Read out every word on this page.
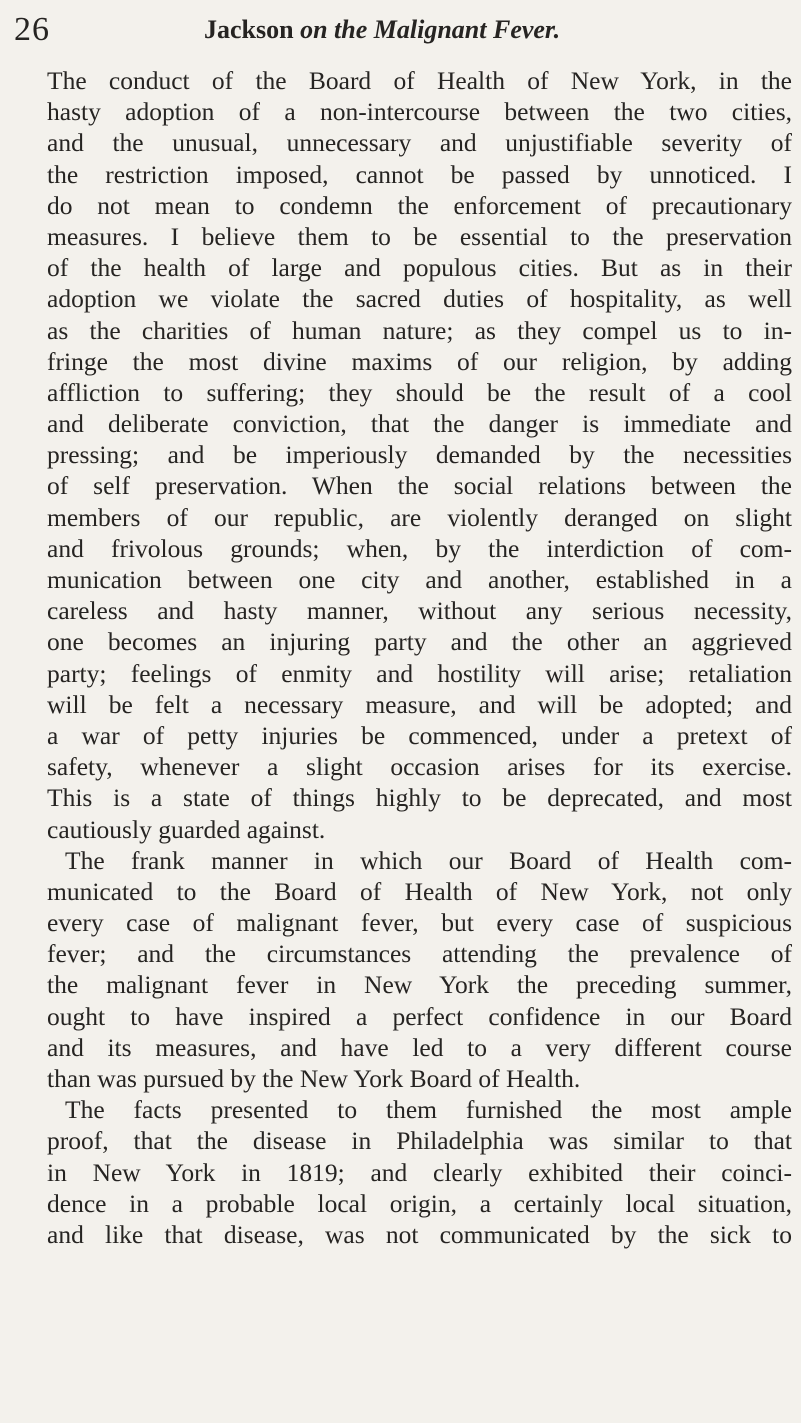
26	Jackson on the Malignant Fever.
The conduct of the Board of Health of New York, in the
hasty adoption of a non-intercourse between the two cities,
and the unusual, unnecessary and unjustifiable severity of
the restriction imposed, cannot be passed by unnoticed. I
do not mean to condemn the enforcement of precautionary
measures. I believe them to be essential to the preservation
of the health of large and populous cities. But as in their
adoption we violate the sacred duties of hospitality, as well
as the charities of human nature; as they compel us to in-
fringe the most divine maxims of our religion, by adding
affliction to suffering; they should be the result of a cool
and deliberate conviction, that the danger is immediate and
pressing; and be imperiously demanded by the necessities
of self preservation. When the social relations between the
members of our republic, are violently deranged on slight
and frivolous grounds; when, by the interdiction of com-
munication between one city and another, established in a
careless and hasty manner, without any serious necessity,
one becomes an injuring party and the other an aggrieved
party; feelings of enmity and hostility will arise; retaliation
will be felt a necessary measure, and will be adopted; and
a war of petty injuries be commenced, under a pretext of
safety, whenever a slight occasion arises for its exercise.
This is a state of things highly to be deprecated, and most
cautiously guarded against.
The frank manner in which our Board of Health com-
municated to the Board of Health of New York, not only
every case of malignant fever, but every case of suspicious
fever; and the circumstances attending the prevalence of
the malignant fever in New York the preceding summer,
ought to have inspired a perfect confidence in our Board
and its measures, and have led to a very different course
than was pursued by the New York Board of Health.
The facts presented to them furnished the most ample
proof, that the disease in Philadelphia was similar to that
in New York in 1819; and clearly exhibited their coinci-
dence in a probable local origin, a certainly local situation,
and like that disease, was not communicated by the sick to
